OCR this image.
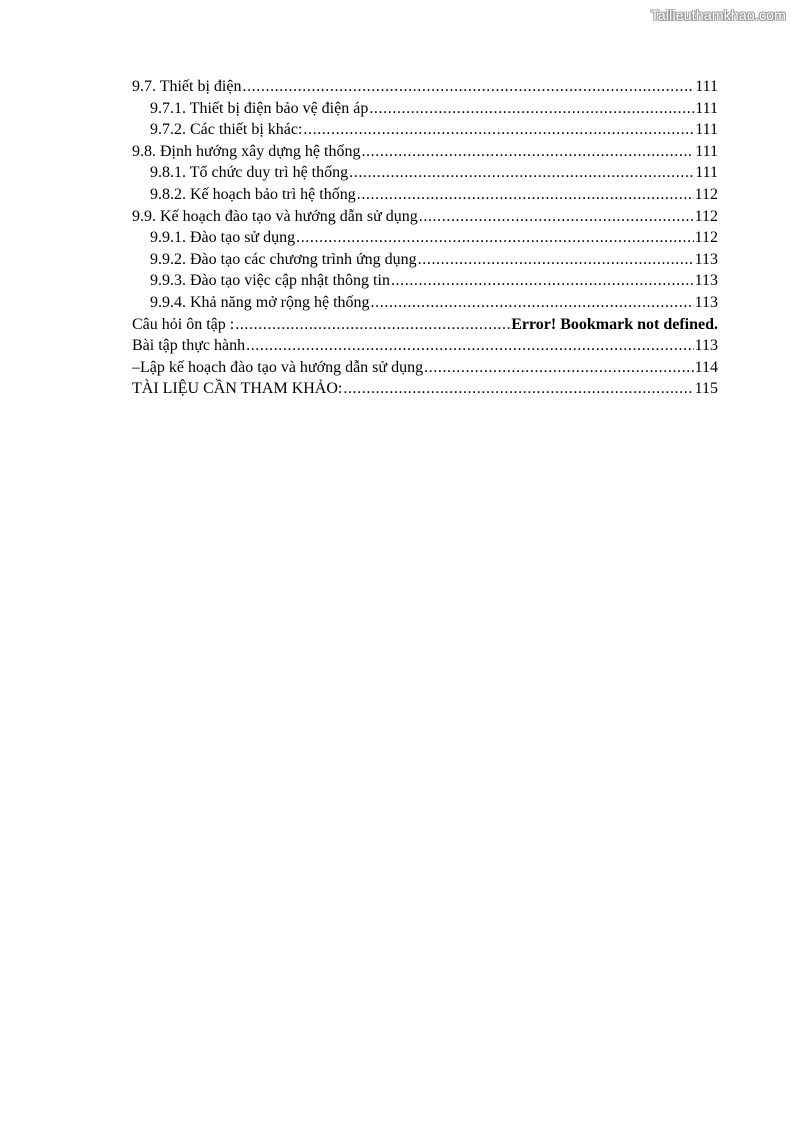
Tailieuthamkhao.com
9.7. Thiết bị điện .....	111
9.7.1. Thiết bị điện bảo vệ điện áp .....	111
9.7.2. Các thiết bị khác: .....	111
9.8. Định hướng xây dựng hệ thống .....	111
9.8.1. Tổ chức duy trì hệ thống .....	111
9.8.2. Kế hoạch bảo trì hệ thống .....	112
9.9. Kế hoạch đào tạo và hướng dẫn sử dụng .....	112
9.9.1. Đào tạo sử dụng .....	112
9.9.2. Đào tạo các chương trình ứng dụng .....	113
9.9.3. Đào tạo việc cập nhật thông tin .....	113
9.9.4. Khả năng mở rộng hệ thống .....	113
Câu hỏi ôn tập : .....	Error! Bookmark not defined.
Bài tập thực hành .....	113
– Lập kế hoạch đào tạo và hướng dẫn sử dụng .....	114
TÀI LIỆU CẦN THAM KHẢO: .....	115
